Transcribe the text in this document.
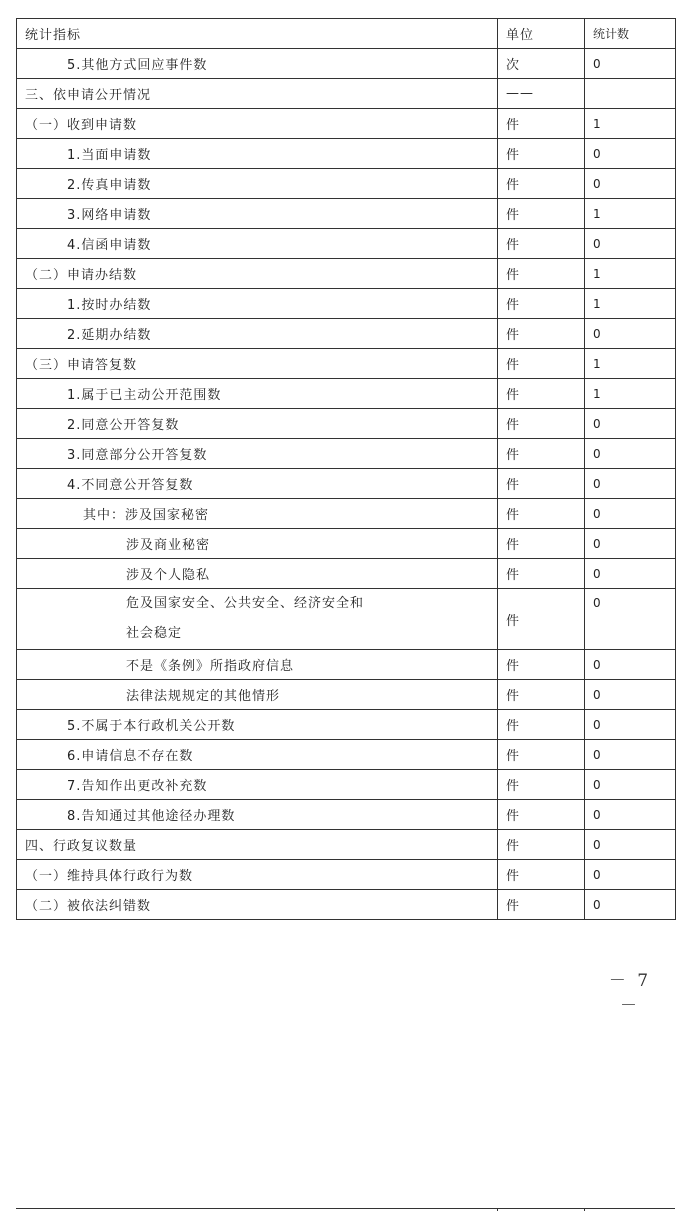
统计指标	单位	统计数
5.其他方式回应事件数	次	0
三、依申请公开情况	——	
（一）收到申请数	件	1
1.当面申请数	件	0
2.传真申请数	件	0
3.网络申请数	件	1
4.信函申请数	件	0
（二）申请办结数	件	1
1.按时办结数	件	1
2.延期办结数	件	0
（三）申请答复数	件	1
1.属于已主动公开范围数	件	1
2.同意公开答复数	件	0
3.同意部分公开答复数	件	0
4.不同意公开答复数	件	0
其中：涉及国家秘密	件	0
涉及商业秘密	件	0
涉及个人隐私	件	0

危及国家安全、公共安全、经济安全和
社会稳定	件	0
不是《条例》所指政府信息	件	0
法律法规规定的其他情形	件	0
5.不属于本行政机关公开数	件	0
6.申请信息不存在数	件	0
7.告知作出更改补充数	件	0
8.告知通过其他途径办理数	件	0
四、行政复议数量	件	0
（一）维持具体行政行为数	件	0
（二）被依法纠错数	件	0
－ 7 －
